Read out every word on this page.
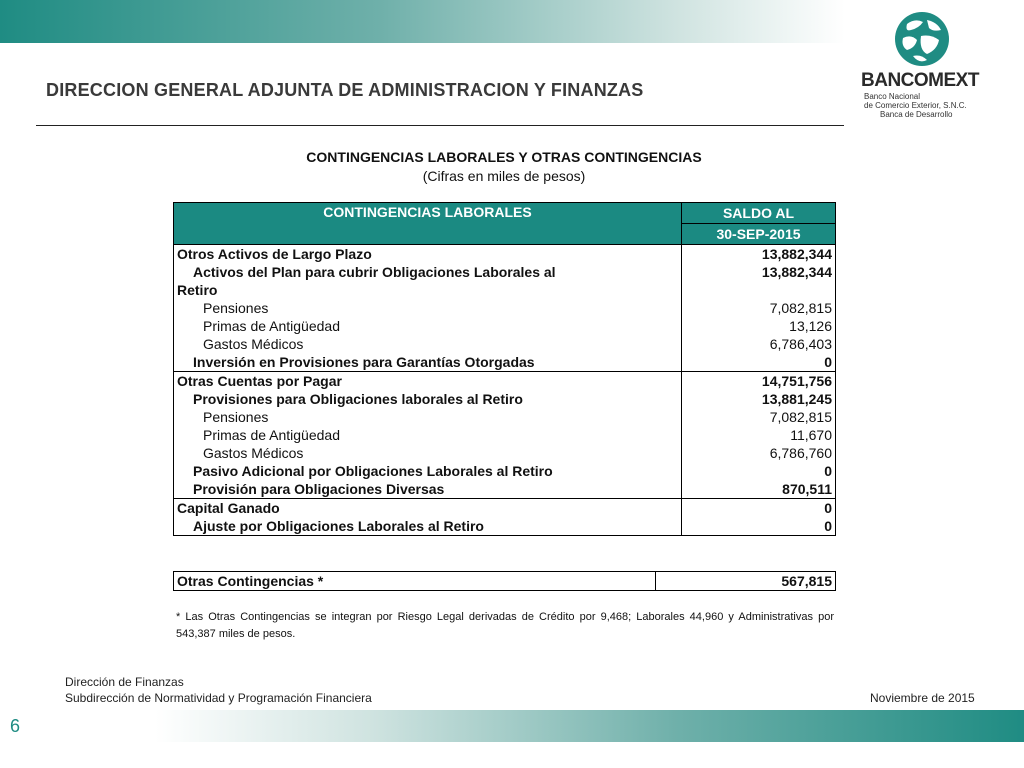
DIRECCION GENERAL ADJUNTA DE ADMINISTRACION Y FINANZAS	BANCOMEXT
Banco Nacional
de Comercio Exterior, S.N.C.
Banca de Desarrollo
CONTINGENCIAS LABORALES Y OTRAS CONTINGENCIAS
(Cifras en miles de pesos)
CONTINGENCIAS LABORALES	SALDO AL
	30-SEP-2015
Otros Activos de Largo Plazo	13,882,344
Activos del Plan para cubrir Obligaciones Laborales al	13,882,344
Retiro	
Pensiones	7,082,815
Primas de Antigüedad	13,126
Gastos Médicos	6,786,403
Inversión en Provisiones para Garantías Otorgadas	0
Otras Cuentas por Pagar	14,751,756
Provisiones para Obligaciones laborales al Retiro	13,881,245
Pensiones	7,082,815
Primas de Antigüedad	11,670
Gastos Médicos	6,786,760
Pasivo Adicional por Obligaciones Laborales al Retiro	0
Provisión para Obligaciones Diversas	870,511
Capital Ganado	0
Ajuste por Obligaciones Laborales al Retiro	0
Otras Contingencias *	567,815
* Las Otras Contingencias se integran por Riesgo Legal derivadas de Crédito por 9,468; Laborales 44,960 y Administrativas por 543,387 miles de pesos.
Dirección de Finanzas
Subdirección de Normatividad y Programación Financiera	Noviembre de 2015
6
